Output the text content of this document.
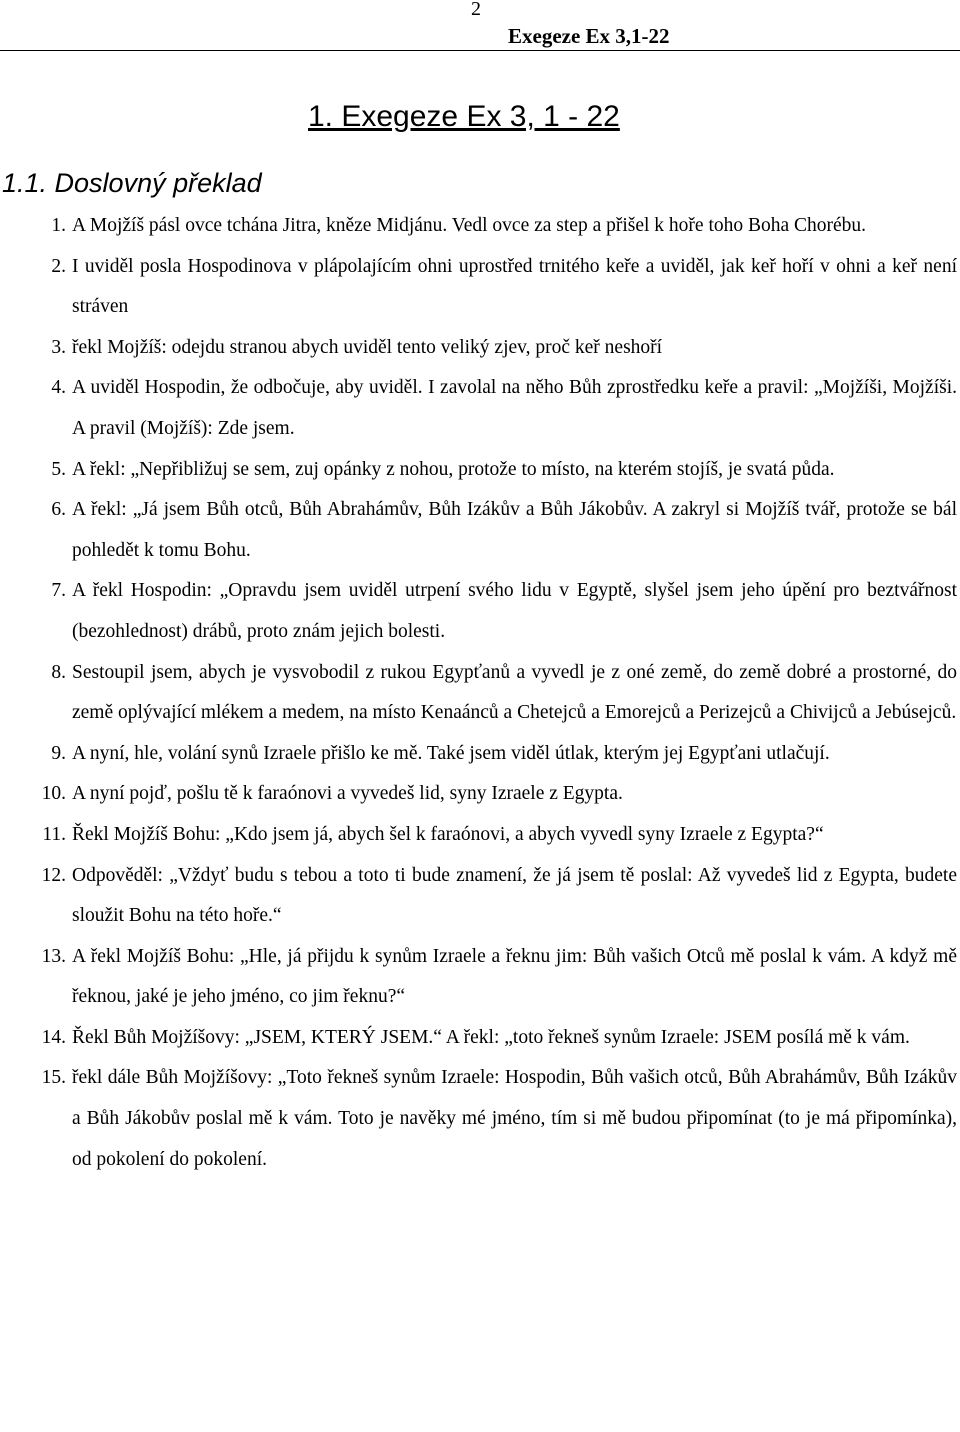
2
Exegeze Ex 3,1-22
1. Exegeze Ex 3, 1 - 22
1.1. Doslovný překlad
1. A Mojžíš pásl ovce tchána Jitra, kněze Midjánu. Vedl ovce za step a přišel k hoře toho Boha Chorébu.
2. I uviděl posla Hospodinova v plápolajícím ohni uprostřed trnitého keře a uviděl, jak keř hoří v ohni a keř není stráven
3. řekl Mojžíš: odejdu stranou abych uviděl tento veliký zjev, proč keř neshoří
4. A uviděl Hospodin, že odbočuje, aby uviděl. I zavolal na něho Bůh zprostředku keře a pravil: „Mojžíši, Mojžíši. A pravil (Mojžíš): Zde jsem.
5. A řekl: „Nepřibližuj se sem, zuj opánky z nohou, protože to místo, na kterém stojíš, je svatá půda.
6. A řekl: „Já jsem Bůh otců, Bůh Abrahámův, Bůh Izákův a Bůh Jákobův. A zakryl si Mojžíš tvář, protože se bál pohledět k tomu Bohu.
7. A řekl Hospodin: „Opravdu jsem uviděl utrpení svého lidu v Egyptě, slyšel jsem jeho úpění pro beztvářnost (bezohlednost) drábů, proto znám jejich bolesti.
8. Sestoupil jsem, abych je vysvobodil z rukou Egypťanů a vyvedl je z oné země, do země dobré a prostorné, do země oplývající mlékem a medem, na místo Kenaánců a Chetejců a Emorejců a Perizejců a Chivijců a Jebúsejců.
9. A nyní, hle, volání synů Izraele přišlo ke mě. Také jsem viděl útlak, kterým jej Egypťani utlačují.
10. A nyní pojď, pošlu tě k faraónovi a vyvedeš lid, syny Izraele z Egypta.
11. Řekl Mojžíš Bohu: „Kdo jsem já, abych šel k faraónovi, a abych vyvedl syny Izraele z Egypta?“
12. Odpověděl: „Vždyť budu s tebou a toto ti bude znamení, že já jsem tě poslal: Až vyvedeš lid z Egypta, budete sloužit Bohu na této hoře.“
13. A řekl Mojžíš Bohu: „Hle, já přijdu k synům Izraele a řeknu jim: Bůh vašich Otců mě poslal k vám. A když mě řeknou, jaké je jeho jméno, co jim řeknu?“
14. Řekl Bůh Mojžíšovy: „JSEM, KTERÝ JSEM.“ A řekl: „toto řekneš synům Izraele: JSEM posílá mě k vám.
15. řekl dále Bůh Mojžíšovy: „Toto řekneš synům Izraele: Hospodin, Bůh vašich otců, Bůh Abrahámův, Bůh Izákův a Bůh Jákobův poslal mě k vám. Toto je navěky mé jméno, tím si mě budou připomínat (to je má připomínka), od pokolení do pokolení.
